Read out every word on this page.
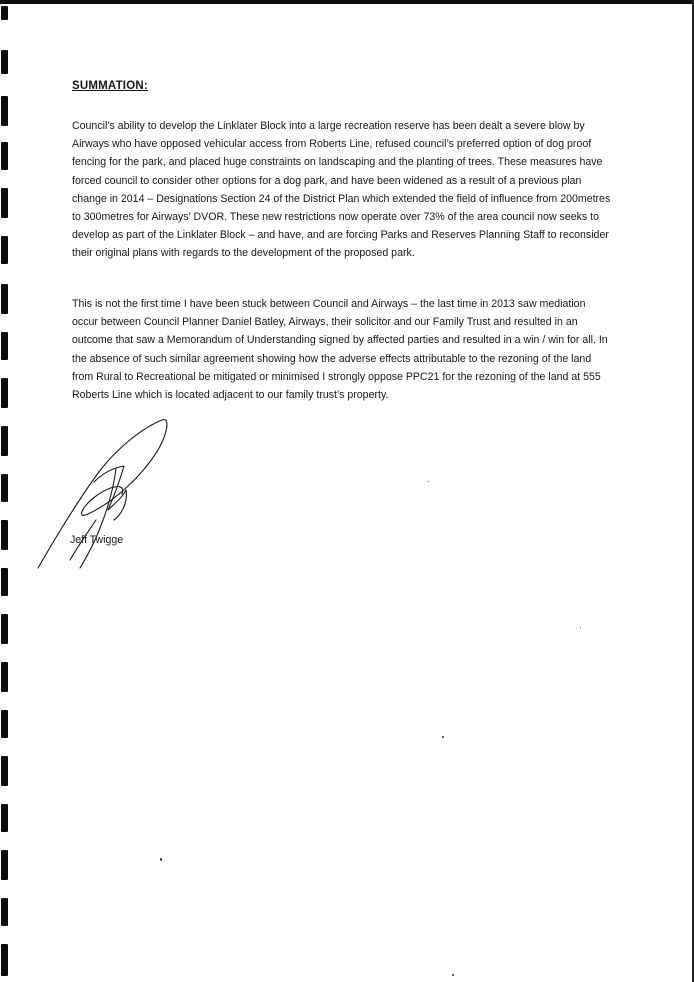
SUMMATION:

Council’s ability to develop the Linklater Block into a large recreation reserve has been dealt a severe blow by Airways who have opposed vehicular access from Roberts Line, refused council’s preferred option of dog proof fencing for the park, and placed huge constraints on landscaping and the planting of trees. These measures have forced council to consider other options for a dog park, and have been widened as a result of a previous plan change in 2014 – Designations Section 24 of the District Plan which extended the field of influence from 200metres to 300metres for Airways’ DVOR. These new restrictions now operate over 73% of the area council now seeks to develop as part of the Linklater Block – and have, and are forcing Parks and Reserves Planning Staff to reconsider their original plans with regards to the development of the proposed park.

This is not the first time I have been stuck between Council and Airways – the last time in 2013 saw mediation occur between Council Planner Daniel Batley, Airways, their solicitor and our Family Trust and resulted in an outcome that saw a Memorandum of Understanding signed by affected parties and resulted in a win / win for all. In the absence of such similar agreement showing how the adverse effects attributable to the rezoning of the land from Rural to Recreational be mitigated or minimised I strongly oppose PPC21 for the rezoning of the land at 555 Roberts Line which is located adjacent to our family trust’s property.

Jeff Twigge
